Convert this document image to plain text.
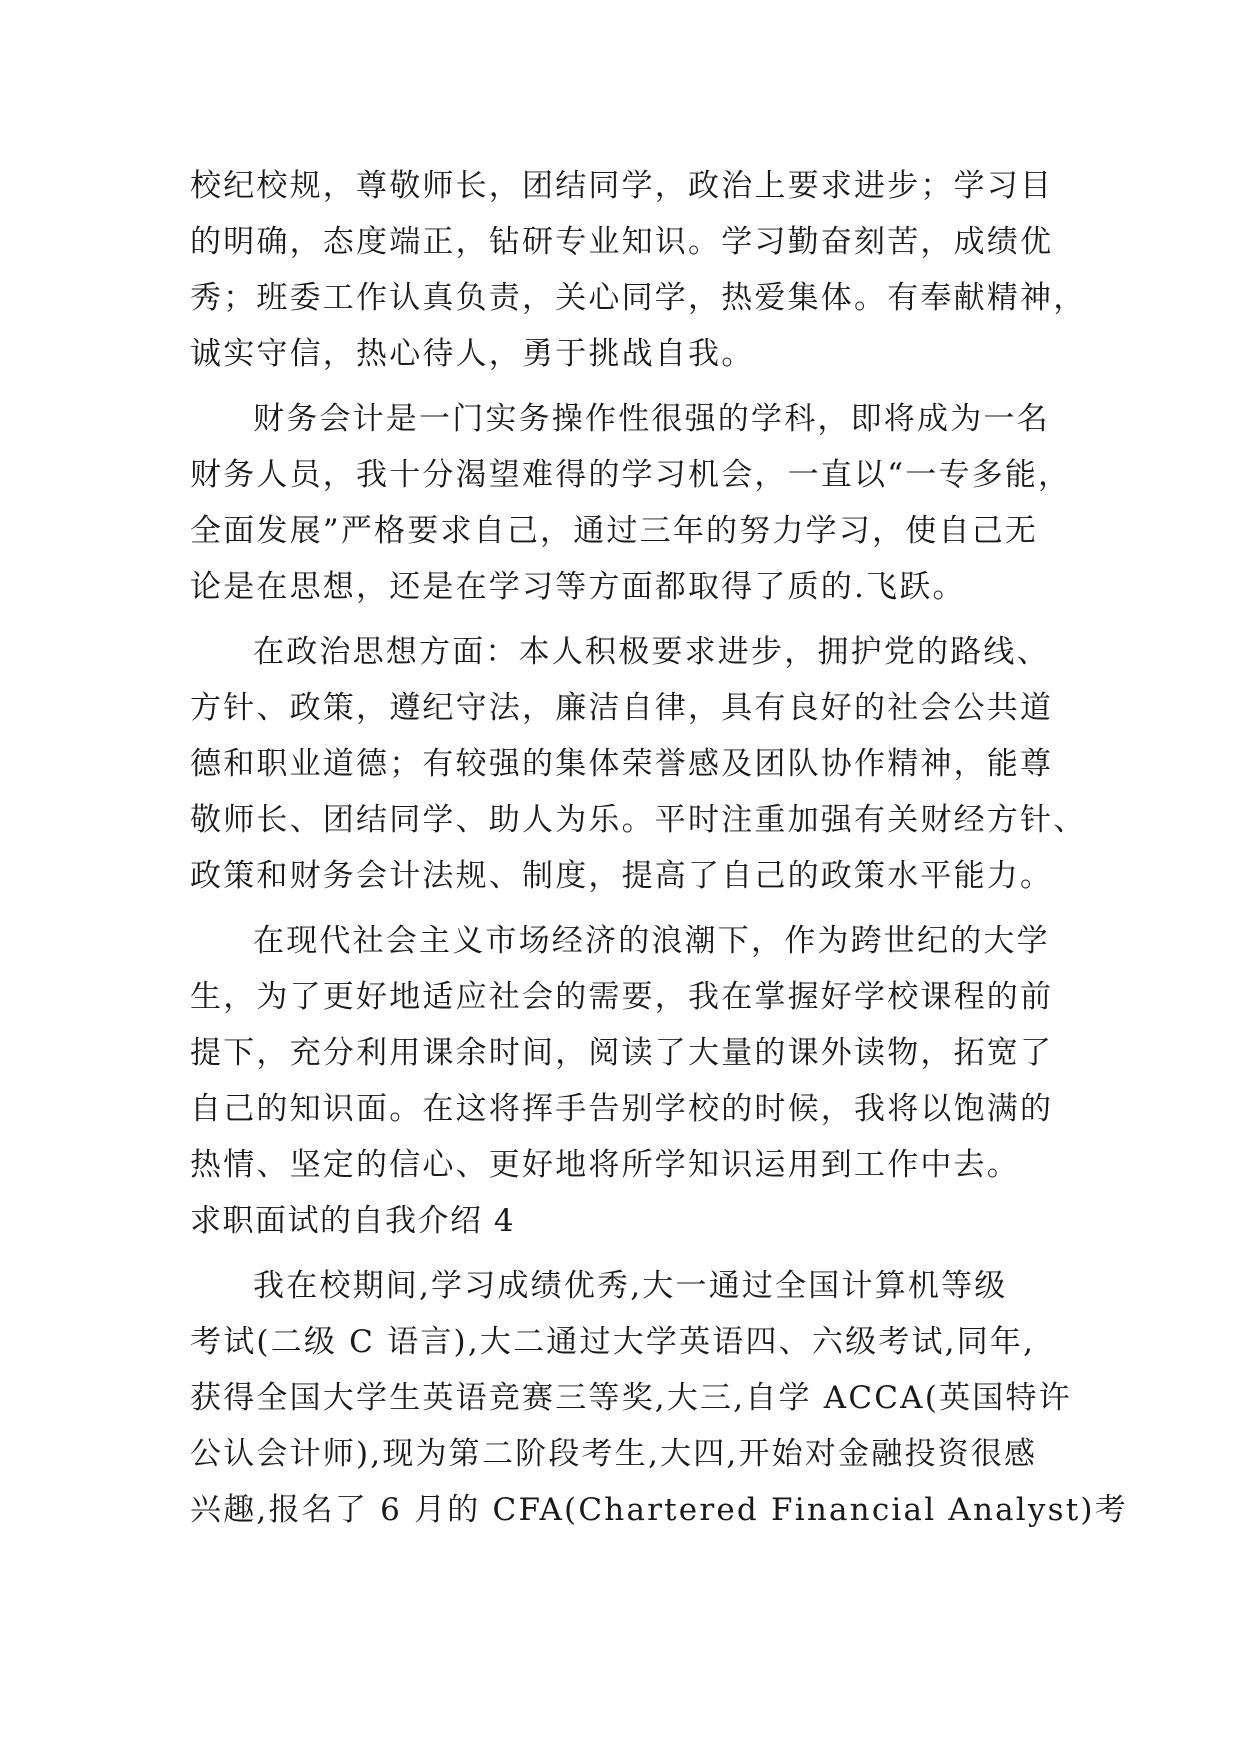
校纪校规，尊敬师长，团结同学，政治上要求进步；学习目
的明确，态度端正，钻研专业知识。学习勤奋刻苦，成绩优
秀；班委工作认真负责，关心同学，热爱集体。有奉献精神，
诚实守信，热心待人，勇于挑战自我。
财务会计是一门实务操作性很强的学科，即将成为一名
财务人员，我十分渴望难得的学习机会，一直以“一专多能，
全面发展”严格要求自己，通过三年的努力学习，使自己无
论是在思想，还是在学习等方面都取得了质的.飞跃。
在政治思想方面：本人积极要求进步，拥护党的路线、
方针、政策，遵纪守法，廉洁自律，具有良好的社会公共道
德和职业道德；有较强的集体荣誉感及团队协作精神，能尊
敬师长、团结同学、助人为乐。平时注重加强有关财经方针、
政策和财务会计法规、制度，提高了自己的政策水平能力。
在现代社会主义市场经济的浪潮下，作为跨世纪的大学
生，为了更好地适应社会的需要，我在掌握好学校课程的前
提下，充分利用课余时间，阅读了大量的课外读物，拓宽了
自己的知识面。在这将挥手告别学校的时候，我将以饱满的
热情、坚定的信心、更好地将所学知识运用到工作中去。
求职面试的自我介绍 4
我在校期间,学习成绩优秀,大一通过全国计算机等级
考试(二级 C 语言),大二通过大学英语四、六级考试,同年,
获得全国大学生英语竞赛三等奖,大三,自学 ACCA(英国特许
公认会计师),现为第二阶段考生,大四,开始对金融投资很感
兴趣,报名了 6 月的 CFA(Chartered Financial Analyst)考
